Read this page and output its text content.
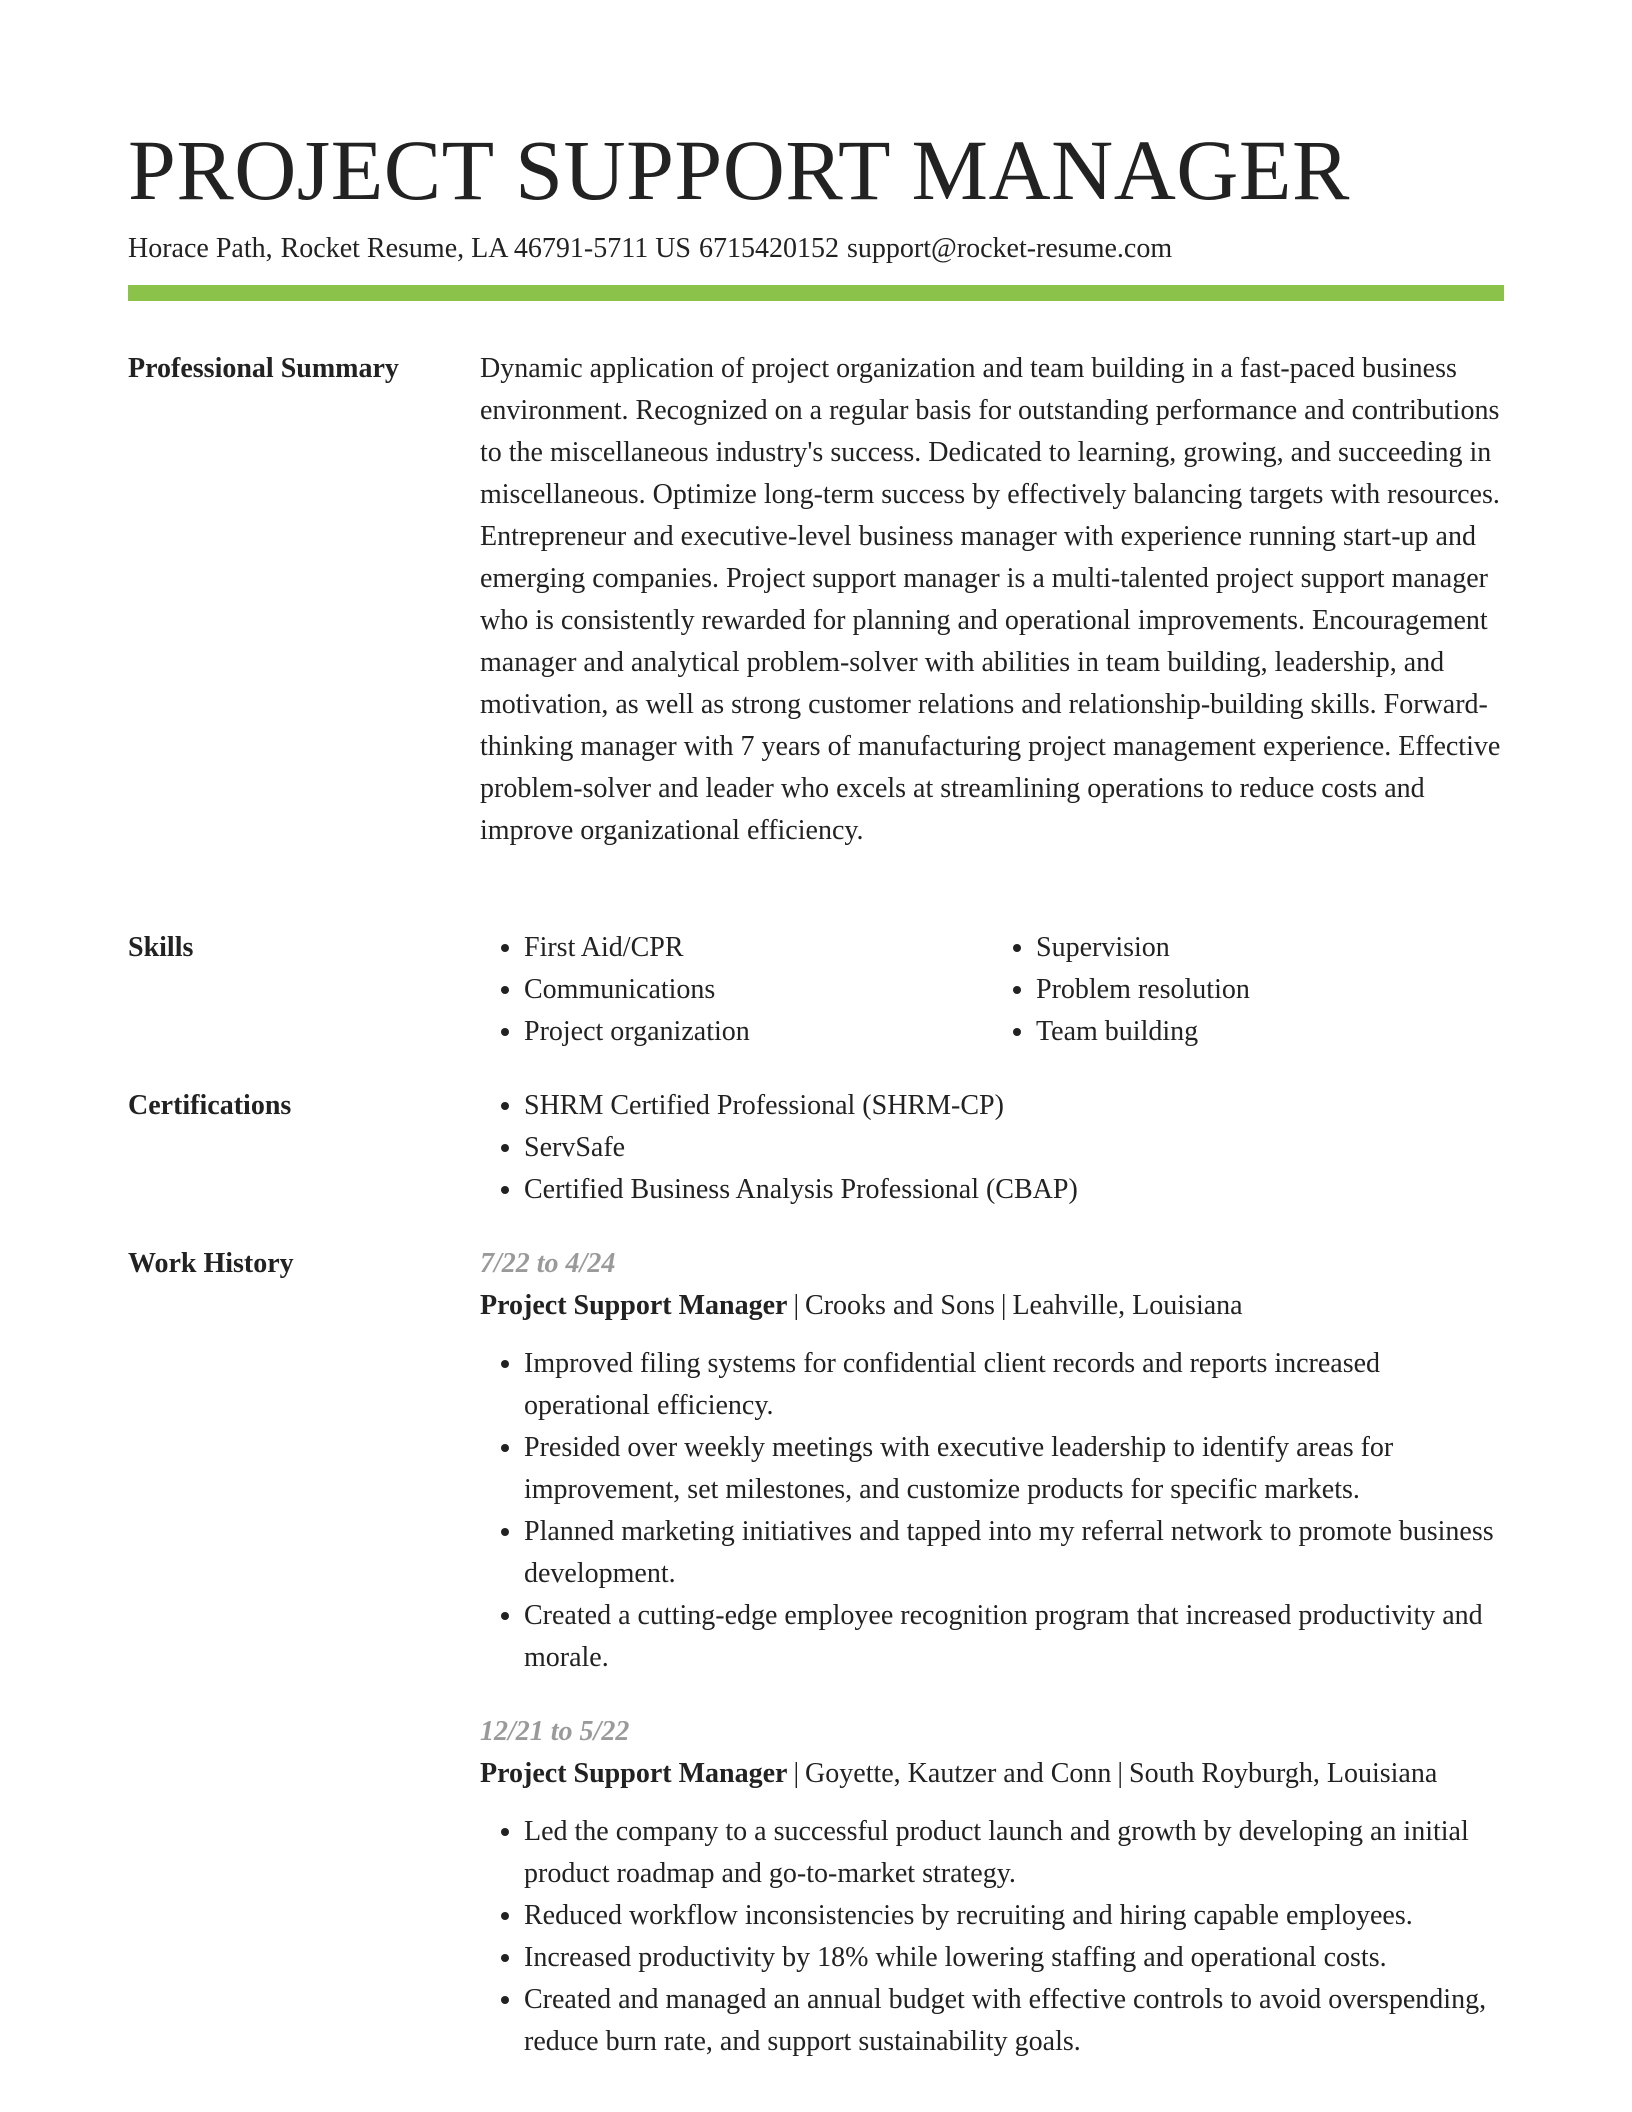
PROJECT SUPPORT MANAGER
Horace Path, Rocket Resume, LA 46791-5711 US 6715420152 support@rocket-resume.com
Professional Summary	Dynamic application of project organization and team building in a fast-paced business environment. Recognized on a regular basis for outstanding performance and contributions to the miscellaneous industry's success. Dedicated to learning, growing, and succeeding in miscellaneous. Optimize long-term success by effectively balancing targets with resources. Entrepreneur and executive-level business manager with experience running start-up and emerging companies. Project support manager is a multi-talented project support manager who is consistently rewarded for planning and operational improvements. Encouragement manager and analytical problem-solver with abilities in team building, leadership, and motivation, as well as strong customer relations and relationship-building skills. Forward-thinking manager with 7 years of manufacturing project management experience. Effective problem-solver and leader who excels at streamlining operations to reduce costs and improve organizational efficiency.

Skills	• First Aid/CPR
• Communications
• Project organization
• Supervision
• Problem resolution
• Team building
Certifications	• SHRM Certified Professional (SHRM-CP)
• ServSafe
• Certified Business Analysis Professional (CBAP)
Work History	7/22 to 4/24
Project Support Manager | Crooks and Sons | Leahville, Louisiana
• Improved filing systems for confidential client records and reports increased operational efficiency.
• Presided over weekly meetings with executive leadership to identify areas for improvement, set milestones, and customize products for specific markets.
• Planned marketing initiatives and tapped into my referral network to promote business development.
• Created a cutting-edge employee recognition program that increased productivity and morale.
12/21 to 5/22
Project Support Manager | Goyette, Kautzer and Conn | South Royburgh, Louisiana
• Led the company to a successful product launch and growth by developing an initial product roadmap and go-to-market strategy.
• Reduced workflow inconsistencies by recruiting and hiring capable employees.
• Increased productivity by 18% while lowering staffing and operational costs.
• Created and managed an annual budget with effective controls to avoid overspending, reduce burn rate, and support sustainability goals.
